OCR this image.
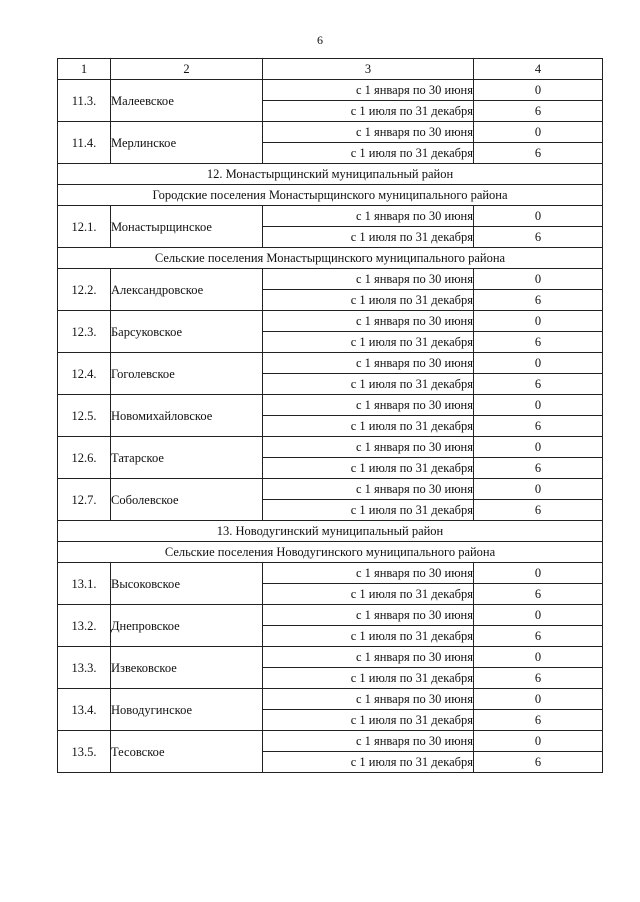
6
1	2	3	4
11.3.	Малеевское	с 1 января по 30 июня	0
		с 1 июля по 31 декабря	6
11.4.	Мерлинское	с 1 января по 30 июня	0
		с 1 июля по 31 декабря	6
12. Монастырщинский муниципальный район			
Городские поселения Монастырщинского муниципального района			
12.1.	Монастырщинское	с 1 января по 30 июня	0
		с 1 июля по 31 декабря	6
Сельские поселения Монастырщинского муниципального района			
12.2.	Александровское	с 1 января по 30 июня	0
		с 1 июля по 31 декабря	6
12.3.	Барсуковское	с 1 января по 30 июня	0
		с 1 июля по 31 декабря	6
12.4.	Гоголевское	с 1 января по 30 июня	0
		с 1 июля по 31 декабря	6
12.5.	Новомихайловское	с 1 января по 30 июня	0
		с 1 июля по 31 декабря	6
12.6.	Татарское	с 1 января по 30 июня	0
		с 1 июля по 31 декабря	6
12.7.	Соболевское	с 1 января по 30 июня	0
		с 1 июля по 31 декабря	6
13. Новодугинский муниципальный район			
Сельские поселения Новодугинского муниципального района			
13.1.	Высоковское	с 1 января по 30 июня	0
		с 1 июля по 31 декабря	6
13.2.	Днепровское	с 1 января по 30 июня	0
		с 1 июля по 31 декабря	6
13.3.	Извековское	с 1 января по 30 июня	0
		с 1 июля по 31 декабря	6
13.4.	Новодугинское	с 1 января по 30 июня	0
		с 1 июля по 31 декабря	6
13.5.	Тесовское	с 1 января по 30 июня	0
		с 1 июля по 31 декабря	6
